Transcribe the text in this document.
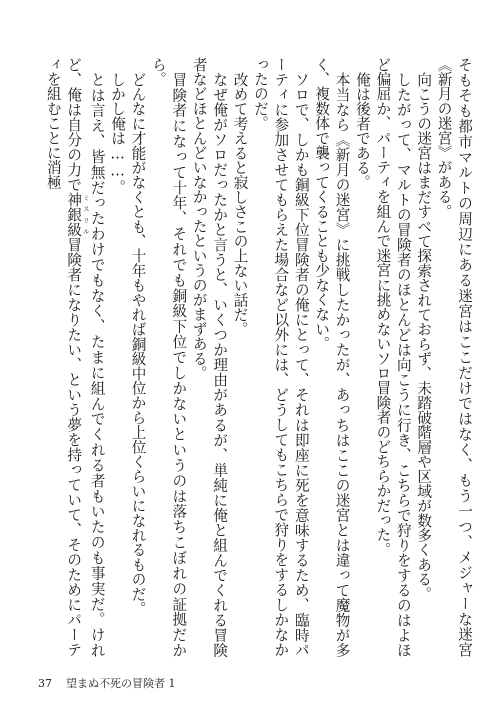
そもそも都市マルトの周辺にある迷宮はここだけではなく、もう一つ、メジャーな迷宮《新月の迷宮》がある。

向こうの迷宮はまだすべて探索されておらず、未踏破階層や区域が数多くある。

したがって、マルトの冒険者のほとんどは向こうに行き、こちらで狩りをするのはよほど偏屈か、パーティを組んで迷宮に挑めないソロ冒険者のどちらかだった。

俺は後者である。

本当なら《新月の迷宮》に挑戦したかったが、あっちはここの迷宮とは違って魔物が多く、複数体で襲ってくることも少なくない。

ソロで、しかも銅級下位冒険者の俺にとって、それは即座に死を意味するため、臨時パーティに参加させてもらえた場合など以外には、どうしてもこちらで狩りをするしかなかったのだ。

改めて考えると寂しさこの上ない話だ。

なぜ俺がソロだったかと言うと、いくつか理由があるが、単純に俺と組んでくれる冒険者などほとんどいなかったというのがまずある。

冒険者になって十年、それでも銅級下位でしかないというのは落ちこぼれの証拠だから。

どんなに才能がなくとも、十年もやれば銅級中位から上位くらいになれるものだ。

しかし俺は……。

とは言え、皆無だったわけでもなく、たまに組んでくれる者もいたのも事実だ。けれど、俺は自分の力で神銀級 ミスリル冒険者になりたい、という夢を持っていて、そのためにパーティを組むことに消極

37 望まぬ不死の冒険者 1
